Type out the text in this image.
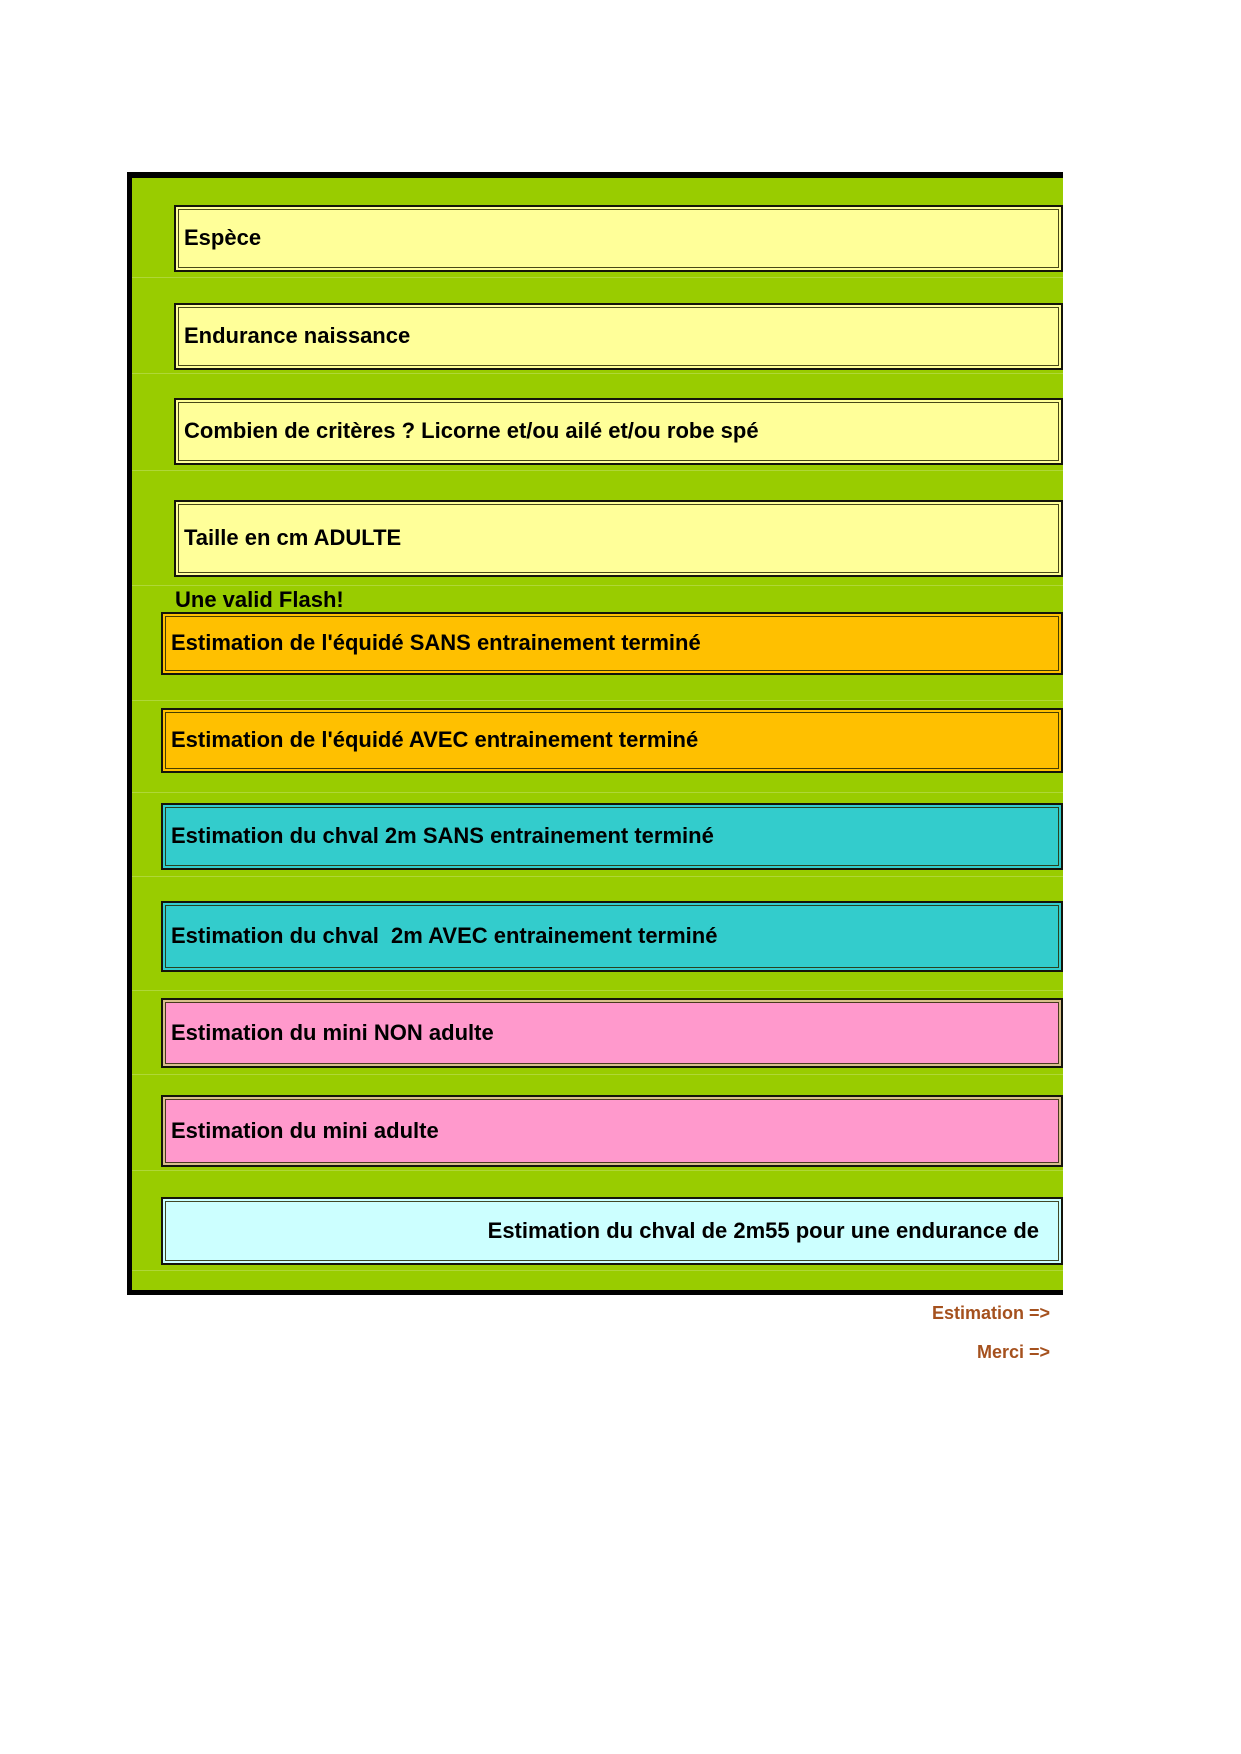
Une valid Flash!
Espèce
Endurance naissance
Combien de critères ? Licorne et/ou ailé et/ou robe spé
Taille en cm ADULTE
Estimation de l'équidé SANS entrainement terminé
Estimation de l'équidé AVEC entrainement terminé
Estimation du chval 2m SANS entrainement terminé
Estimation du chval  2m AVEC entrainement terminé
Estimation du mini NON adulte
Estimation du mini adulte
Estimation du chval de 2m55 pour une endurance de
Estimation =>
Merci =>
